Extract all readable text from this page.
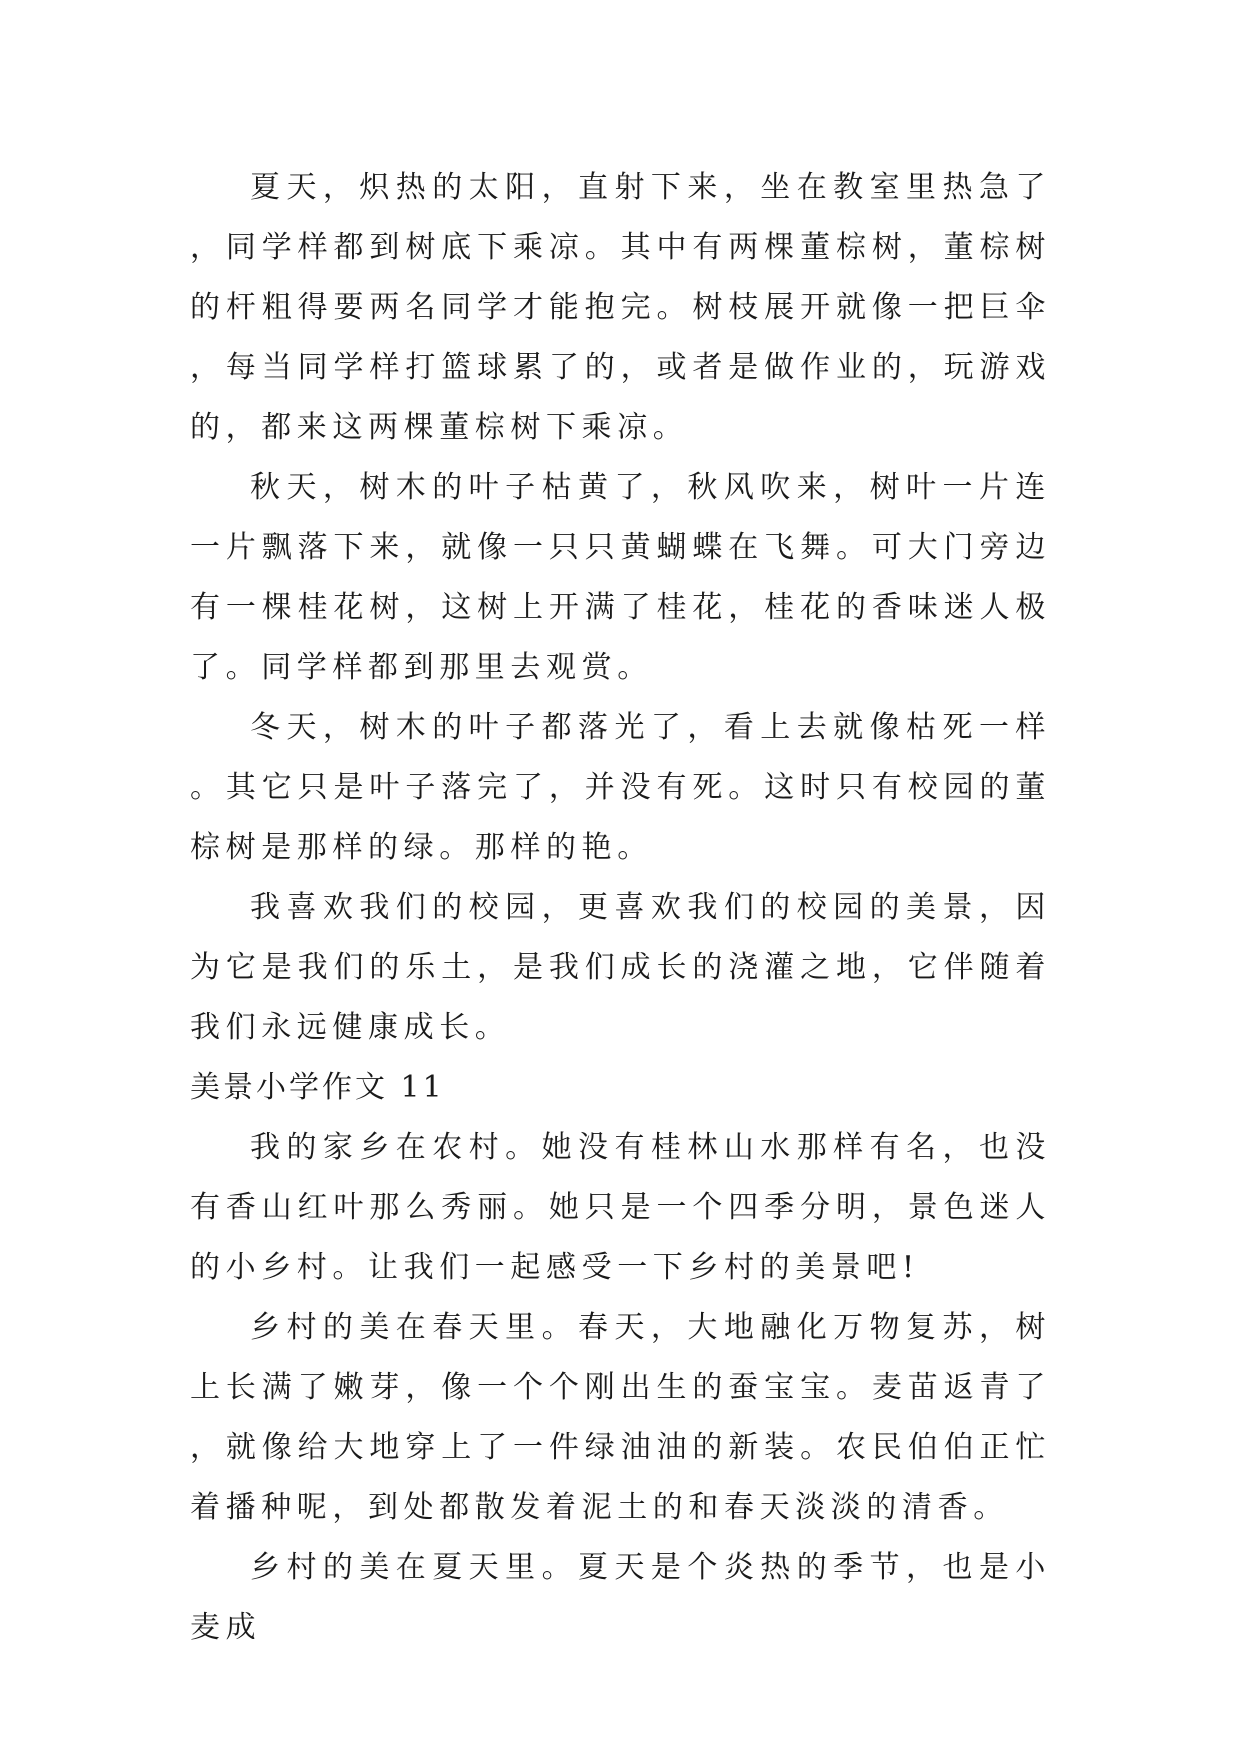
夏天，炽热的太阳，直射下来，坐在教室里热急了，同学样都到树底下乘凉。其中有两棵董棕树，董棕树的杆粗得要两名同学才能抱完。树枝展开就像一把巨伞，每当同学样打篮球累了的，或者是做作业的，玩游戏的，都来这两棵董棕树下乘凉。

秋天，树木的叶子枯黄了，秋风吹来，树叶一片连一片飘落下来，就像一只只黄蝴蝶在飞舞。可大门旁边有一棵桂花树，这树上开满了桂花，桂花的香味迷人极了。同学样都到那里去观赏。

冬天，树木的叶子都落光了，看上去就像枯死一样。其它只是叶子落完了，并没有死。这时只有校园的董棕树是那样的绿。那样的艳。

我喜欢我们的校园，更喜欢我们的校园的美景，因为它是我们的乐土，是我们成长的浇灌之地，它伴随着我们永远健康成长。

美景小学作文 11

我的家乡在农村。她没有桂林山水那样有名，也没有香山红叶那么秀丽。她只是一个四季分明，景色迷人的小乡村。让我们一起感受一下乡村的美景吧!

乡村的美在春天里。春天，大地融化万物复苏，树上长满了嫩芽，像一个个刚出生的蚕宝宝。麦苗返青了，就像给大地穿上了一件绿油油的新装。农民伯伯正忙着播种呢，到处都散发着泥土的和春天淡淡的清香。

乡村的美在夏天里。夏天是个炎热的季节，也是小麦成
